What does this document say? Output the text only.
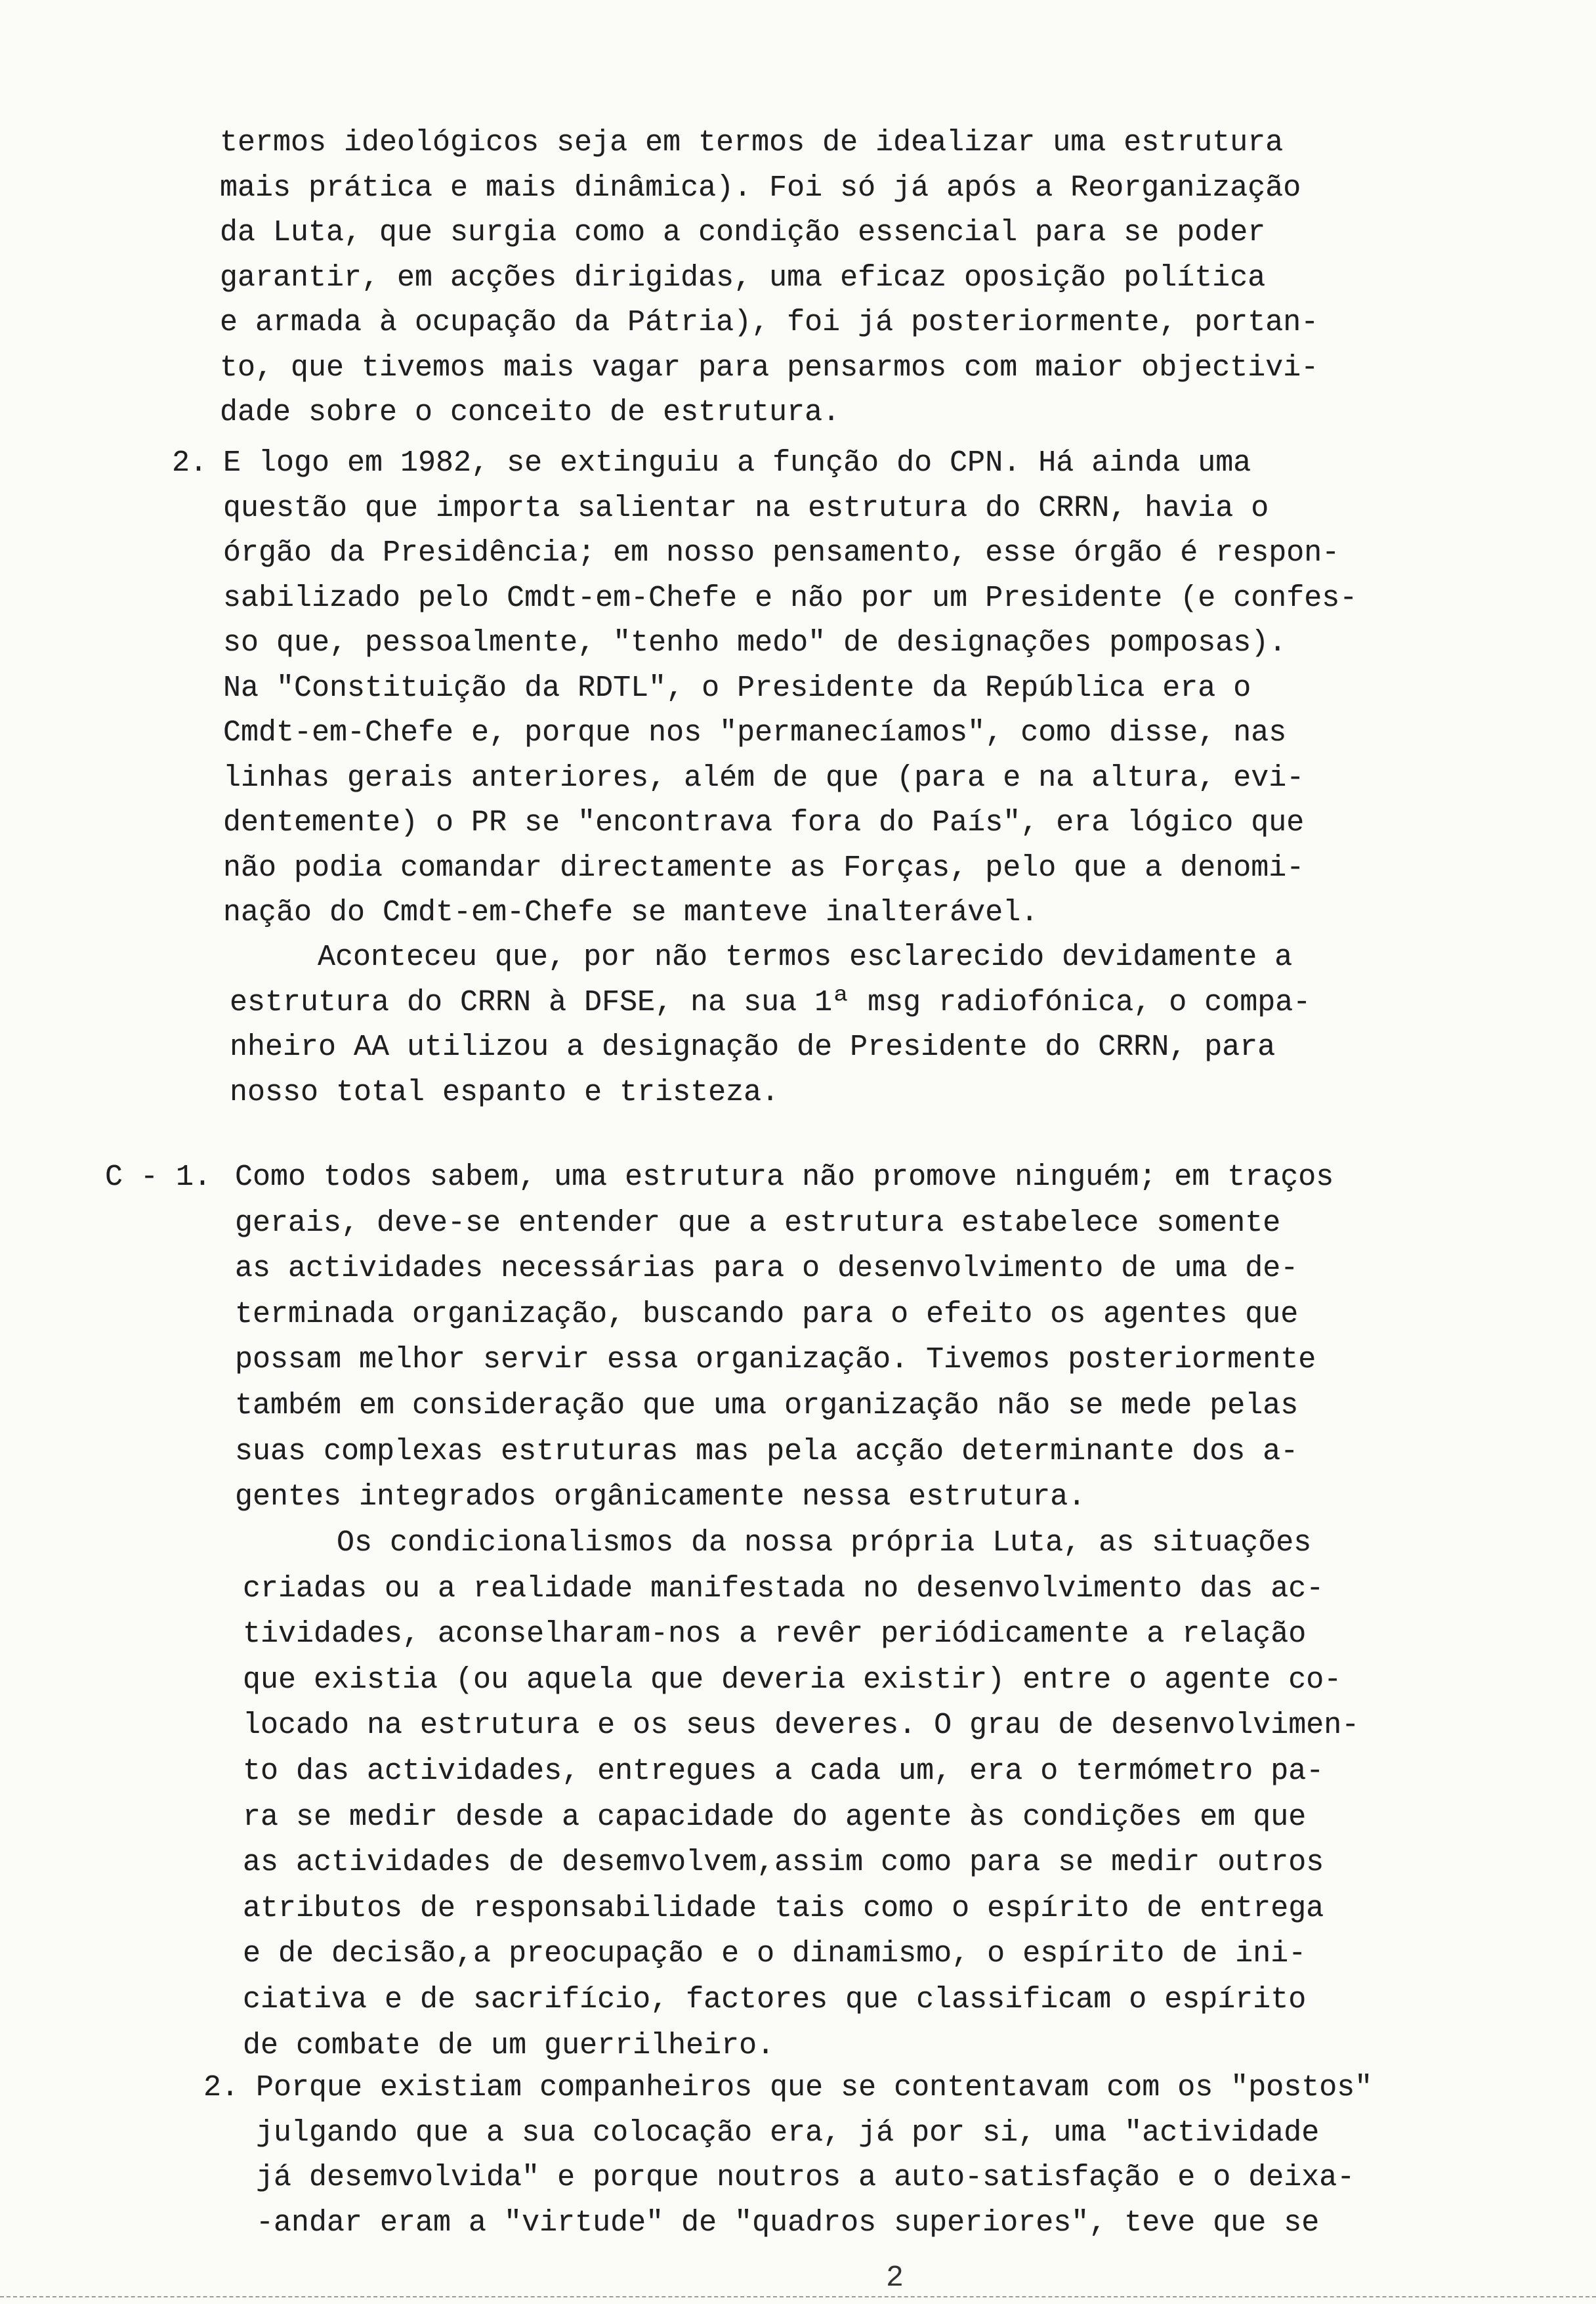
termos ideológicos seja em termos de idealizar uma estrutura
mais prática e mais dinâmica). Foi só já após a Reorganização
da Luta, que surgia como a condição essencial para se poder
garantir, em acções dirigidas, uma eficaz oposição política
e armada à ocupação da Pátria), foi já posteriormente, portan-
to, que tivemos mais vagar para pensarmos com maior objectivi-
dade sobre o conceito de estrutura.
2. E logo em 1982, se extinguiu a função do CPN. Há ainda uma
questão que importa salientar na estrutura do CRRN, havia o
órgão da Presidência; em nosso pensamento, esse órgão é respon-
sabilizado pelo Cmdt-em-Chefe e não por um Presidente (e confes-
so que, pessoalmente, "tenho medo" de designações pomposas).
Na "Constituição da RDTL", o Presidente da República era o
Cmdt-em-Chefe e, porque nos "permanecíamos", como disse, nas
linhas gerais anteriores, além de que (para e na altura, evi-
dentemente) o PR se "encontrava fora do País", era lógico que
não podia comandar directamente as Forças, pelo que a denomi-
nação do Cmdt-em-Chefe se manteve inalterável.
Aconteceu que, por não termos esclarecido devidamente a
estrutura do CRRN à DFSE, na sua 1ª msg radiofónica, o compa-
nheiro AA utilizou a designação de Presidente do CRRN, para
nosso total espanto e tristeza.
C - 1. Como todos sabem, uma estrutura não promove ninguém; em traços
gerais, deve-se entender que a estrutura estabelece somente
as actividades necessárias para o desenvolvimento de uma de-
terminada organização, buscando para o efeito os agentes que
possam melhor servir essa organização. Tivemos posteriormente
também em consideração que uma organização não se mede pelas
suas complexas estruturas mas pela acção determinante dos a-
gentes integrados orgânicamente nessa estrutura.
Os condicionalismos da nossa própria Luta, as situações
criadas ou a realidade manifestada no desenvolvimento das ac-
tividades, aconselharam-nos a revêr periódicamente a relação
que existia (ou aquela que deveria existir) entre o agente co-
locado na estrutura e os seus deveres. O grau de desenvolvimen-
to das actividades, entregues a cada um, era o termómetro pa-
ra se medir desde a capacidade do agente às condições em que
as actividades de desemvolvem,assim como para se medir outros
atributos de responsabilidade tais como o espírito de entrega
e de decisão,a preocupação e o dinamismo, o espírito de ini-
ciativa e de sacrifício, factores que classificam o espírito
de combate de um guerrilheiro.
2. Porque existiam companheiros que se contentavam com os "postos"
julgando que a sua colocação era, já por si, uma "actividade
já desemvolvida" e porque noutros a auto-satisfação e o deixa-
-andar eram a "virtude" de "quadros superiores", teve que se
2
